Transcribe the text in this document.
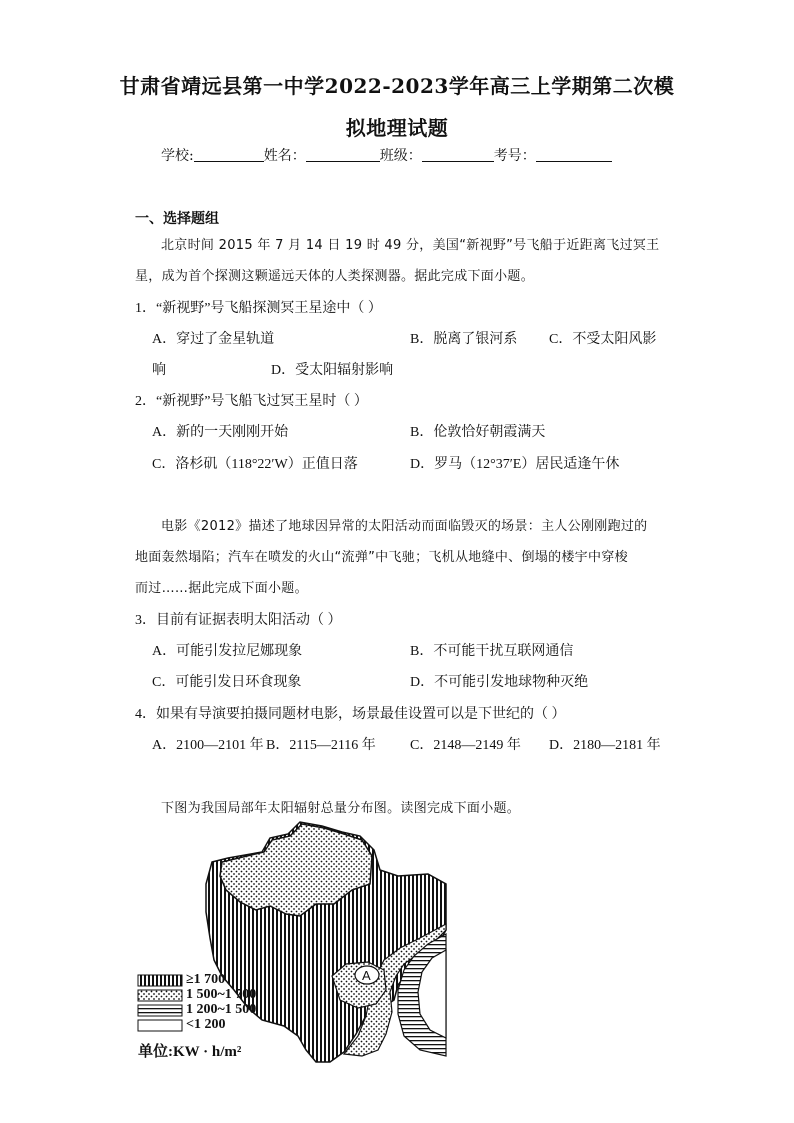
甘肃省靖远县第一中学2022-2023学年高三上学期第二次模
拟地理试题
学校:	姓名：	班级：	考号：
一、选择题组
北京时间 2015 年 7 月 14 日 19 时 49 分，美国“新视野”号飞船于近距离飞过冥王
星，成为首个探测这颗遥远天体的人类探测器。据此完成下面小题。
1．“新视野”号飞船探测冥王星途中（ ）
A．穿过了金星轨道	B．脱离了银河系 C．不受太阳风影
响	D．受太阳辐射影响
2．“新视野”号飞船飞过冥王星时（ ）
A．新的一天刚刚开始	B．伦敦恰好朝霞满天
C．洛杉矶（118°22′W）正值日落	D．罗马（12°37′E）居民适逢午休
电影《2012》描述了地球因异常的太阳活动而面临毁灭的场景：主人公刚刚跑过的
地面轰然塌陷；汽车在喷发的火山“流弹”中飞驰；飞机从地缝中、倒塌的楼宇中穿梭
而过……据此完成下面小题。
3．目前有证据表明太阳活动（ ）
A．可能引发拉尼娜现象	B．不可能干扰互联网通信
C．可能引发日环食现象	D．不可能引发地球物种灭绝
4．如果有导演要拍摄同题材电影，场景最佳设置可以是下世纪的（ ）
A．2100—2101 年 B．2115—2116 年 C．2148—2149 年 D．2180—2181 年
下图为我国局部年太阳辐射总量分布图。读图完成下面小题。
A
≥1 700
1 500~1 700
1 200~1 500
<1 200
单位:KW · h/m²
